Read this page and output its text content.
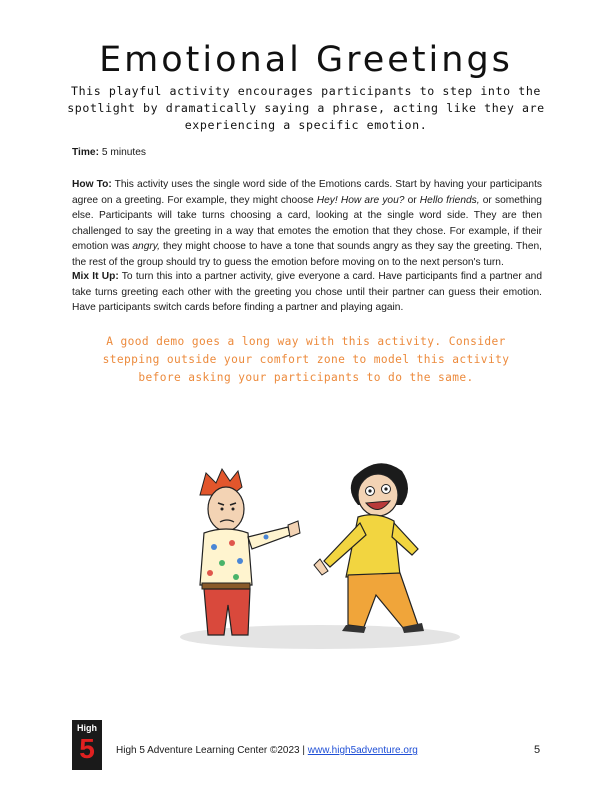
Emotional Greetings
This playful activity encourages participants to step into the spotlight by dramatically saying a phrase, acting like they are experiencing a specific emotion.

Time: 5 minutes

How To: This activity uses the single word side of the Emotions cards. Start by having your participants agree on a greeting. For example, they might choose Hey! How are you? or Hello friends, or something else. Participants will take turns choosing a card, looking at the single word side. They are then challenged to say the greeting in a way that emotes the emotion that they chose. For example, if their emotion was angry, they might choose to have a tone that sounds angry as they say the greeting. Then, the rest of the group should try to guess the emotion before moving on to the next person's turn.

Mix It Up: To turn this into a partner activity, give everyone a card. Have participants find a partner and take turns greeting each other with the greeting you chose until their partner can guess their emotion. Have participants switch cards before finding a partner and playing again.

A good demo goes a long way with this activity. Consider stepping outside your comfort zone to model this activity before asking your participants to do the same.
High
5	High 5 Adventure Learning Center ©2023 | www.high5adventure.org	5
